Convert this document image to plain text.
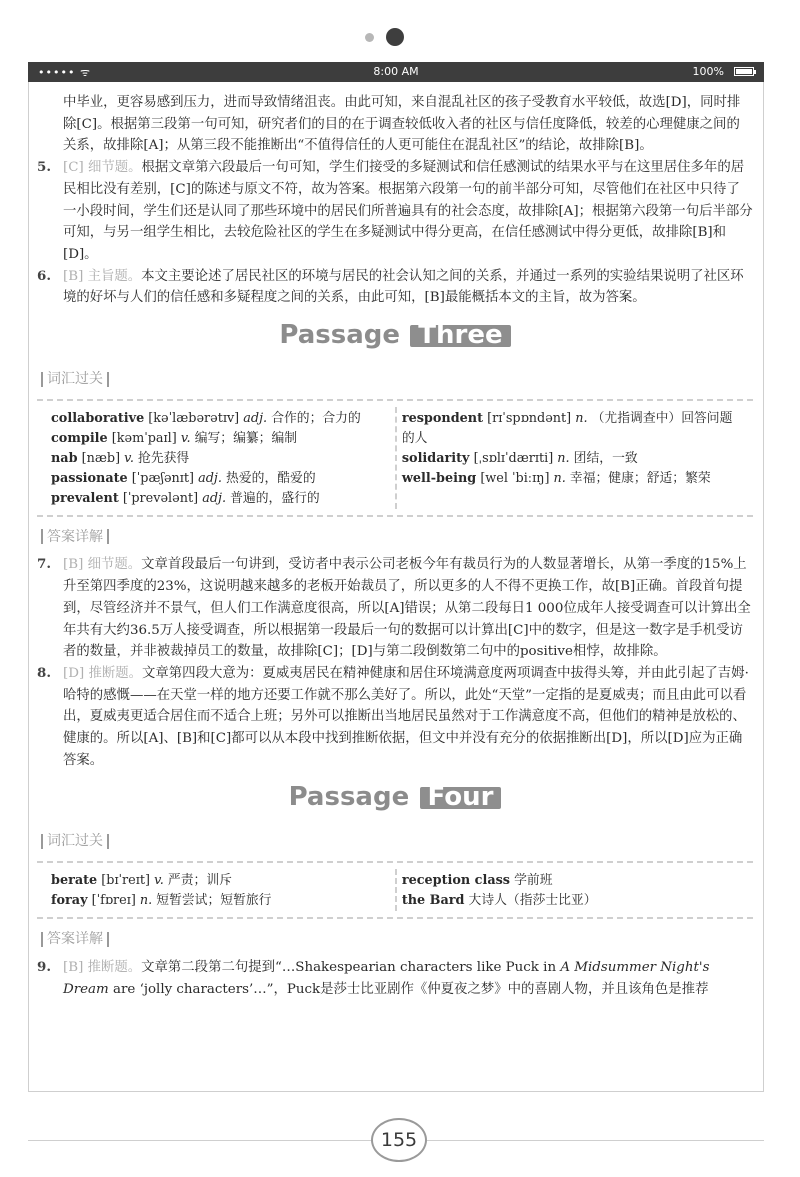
••••• ᯤ	8:00 AM	100%

中毕业，更容易感到压力，进而导致情绪沮丧。由此可知，来自混乱社区的孩子受教育水平较低，故选[D]，同时排除[C]。根据第三段第一句可知，研究者们的目的在于调查较低收入者的社区与信任度降低，较差的心理健康之间的关系，故排除[A]；从第三段不能推断出“不值得信任的人更可能住在混乱社区”的结论，故排除[B]。

5. [C] 细节题。根据文章第六段最后一句可知，学生们接受的多疑测试和信任感测试的结果水平与在这里居住多年的居民相比没有差别，[C]的陈述与原文不符，故为答案。根据第六段第一句的前半部分可知，尽管他们在社区中只待了一小段时间，学生们还是认同了那些环境中的居民们所普遍具有的社会态度，故排除[A]；根据第六段第一句后半部分可知，与另一组学生相比，去较危险社区的学生在多疑测试中得分更高，在信任感测试中得分更低，故排除[B]和[D]。
6. [B] 主旨题。本文主要论述了居民社区的环境与居民的社会认知之间的关系，并通过一系列的实验结果说明了社区环境的好坏与人们的信任感和多疑程度之间的关系，由此可知，[B]最能概括本文的主旨，故为答案。
Passage Three
词汇过关
collaborative [kəˈlæbərətɪv] adj. 合作的；合力的
compile [kəmˈpaɪl] v. 编写；编纂；编制
nab [næb] v. 抢先获得
passionate [ˈpæʃənɪt] adj. 热爱的，酷爱的
prevalent [ˈprevələnt] adj. 普遍的，盛行的
respondent [rɪˈspɒndənt] n. （尤指调查中）回答问题的人
solidarity [ˌsɒlɪˈdærɪti] n. 团结，一致
well-being [wel ˈbiːɪŋ] n. 幸福；健康；舒适；繁荣
答案详解
7. [B] 细节题。文章首段最后一句讲到，受访者中表示公司老板今年有裁员行为的人数显著增长，从第一季度的15%上升至第四季度的23%，这说明越来越多的老板开始裁员了，所以更多的人不得不更换工作，故[B]正确。首段首句提到，尽管经济并不景气，但人们工作满意度很高，所以[A]错误；从第二段每日1 000位成年人接受调查可以计算出全年共有大约36.5万人接受调查，所以根据第一段最后一句的数据可以计算出[C]中的数字，但是这一数字是手机受访者的数量，并非被裁掉员工的数量，故排除[C]；[D]与第二段倒数第二句中的positive相悖，故排除。
8. [D] 推断题。文章第四段大意为：夏威夷居民在精神健康和居住环境满意度两项调查中拔得头筹，并由此引起了吉姆·哈特的感慨——在天堂一样的地方还要工作就不那么美好了。所以，此处“天堂”一定指的是夏威夷；而且由此可以看出，夏威夷更适合居住而不适合上班；另外可以推断出当地居民虽然对于工作满意度不高，但他们的精神是放松的、健康的。所以[A]、[B]和[C]都可以从本段中找到推断依据，但文中并没有充分的依据推断出[D]，所以[D]应为正确答案。
Passage Four
词汇过关
berate [bɪˈreɪt] v. 严责；训斥
foray [ˈfɒreɪ] n. 短暂尝试；短暂旅行
reception class 学前班
the Bard 大诗人（指莎士比亚）
答案详解
9. [B] 推断题。文章第二段第二句提到“…Shakespearian characters like Puck in A Midsummer Night's Dream are ‘jolly characters’…”，Puck是莎士比亚剧作《仲夏夜之梦》中的喜剧人物，并且该角色是推荐
155
